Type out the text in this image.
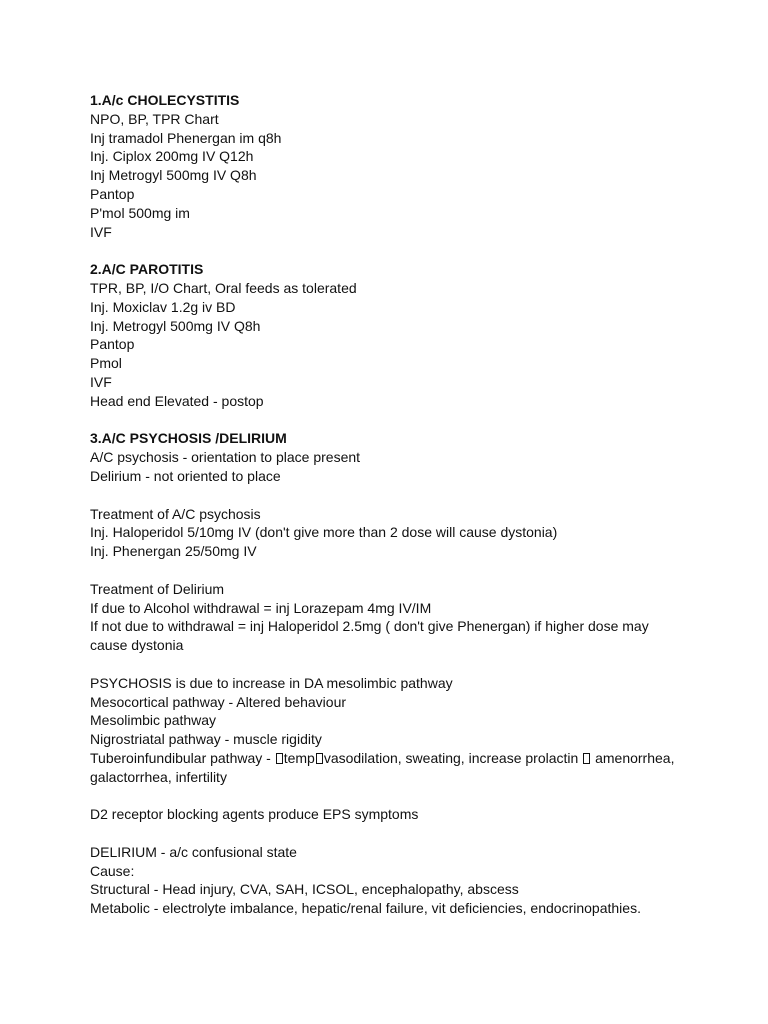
1.A/c CHOLECYSTITIS
NPO, BP, TPR Chart
Inj tramadol Phenergan im q8h
Inj. Ciplox 200mg IV Q12h
Inj Metrogyl 500mg IV Q8h
Pantop
P'mol 500mg im
IVF
2.A/C PAROTITIS
TPR, BP, I/O Chart, Oral feeds as tolerated
Inj. Moxiclav 1.2g iv BD
Inj. Metrogyl 500mg IV Q8h
Pantop
Pmol
IVF
Head end Elevated - postop
3.A/C PSYCHOSIS /DELIRIUM
A/C psychosis - orientation to place present
Delirium - not oriented to place
Treatment of A/C psychosis
Inj. Haloperidol 5/10mg IV (don't give more than 2 dose will cause dystonia)
Inj. Phenergan 25/50mg IV
Treatment of Delirium
If due to Alcohol withdrawal = inj Lorazepam 4mg IV/IM
If not due to withdrawal = inj Haloperidol 2.5mg ( don't give Phenergan) if higher dose may cause dystonia
PSYCHOSIS is due to increase in DA mesolimbic pathway
Mesocortical pathway - Altered behaviour
Mesolimbic pathway
Nigrostriatal pathway - muscle rigidity
Tuberoinfundibular pathway - temp vasodilation, sweating, increase prolactin  amenorrhea, galactorrhea, infertility
D2 receptor blocking agents produce EPS symptoms
DELIRIUM - a/c confusional state
Cause:
Structural - Head injury, CVA, SAH, ICSOL, encephalopathy, abscess
Metabolic - electrolyte imbalance, hepatic/renal failure, vit deficiencies, endocrinopathies.
